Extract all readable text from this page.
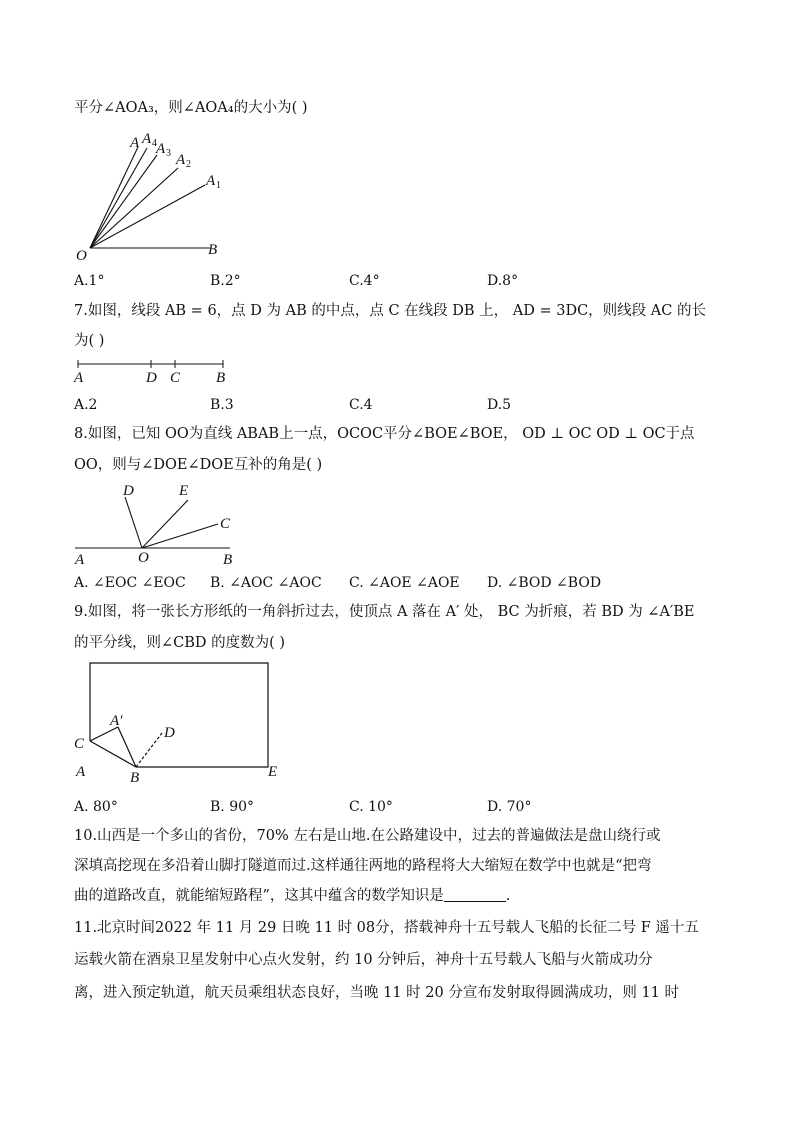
平分∠AOA₃，则∠AOA₄的大小为( )
A A 4 A 3 A 2
A 1
O	B
A.1°	B.2°	C.4°	D.8°
7.如图，线段 AB = 6，点 D 为 AB 的中点，点 C 在线段 DB 上， AD = 3DC，则线段 AC 的长
为( )
A	D C B
A.2	B.3	C.4	D.5
8.如图，已知 OO为直线 ABAB上一点，OCOC平分∠BOE∠BOE， OD ⊥ OC OD ⊥ OC于点
OO，则与∠DOE∠DOE互补的角是( )
D	E
C
A	O	B
A. ∠EOC ∠EOC B. ∠AOC ∠AOC C. ∠AOE ∠AOE D. ∠BOD ∠BOD
9.如图，将一张长方形纸的一角斜折过去，使顶点 A 落在 A′ 处， BC 为折痕，若 BD 为 ∠A′BE
的平分线，则∠CBD 的度数为( )
A′
D
C
A	B	E
A. 80°	B. 90°	C. 10°	D. 70°
10.山西是一个多山的省份，70% 左右是山地.在公路建设中，过去的普遍做法是盘山绕行或
深填高挖现在多沿着山脚打隧道而过.这样通往两地的路程将大大缩短在数学中也就是“把弯
曲的道路改直，就能缩短路程”，这其中蕴含的数学知识是	.
11.北京时间2022 年 11 月 29 日晚 11 时 08分，搭载神舟十五号载人飞船的长征二号 F 遥十五
运载火箭在酒泉卫星发射中心点火发射，约 10 分钟后，神舟十五号载人飞船与火箭成功分
离，进入预定轨道，航天员乘组状态良好，当晚 11 时 20 分宣布发射取得圆满成功，则 11 时
